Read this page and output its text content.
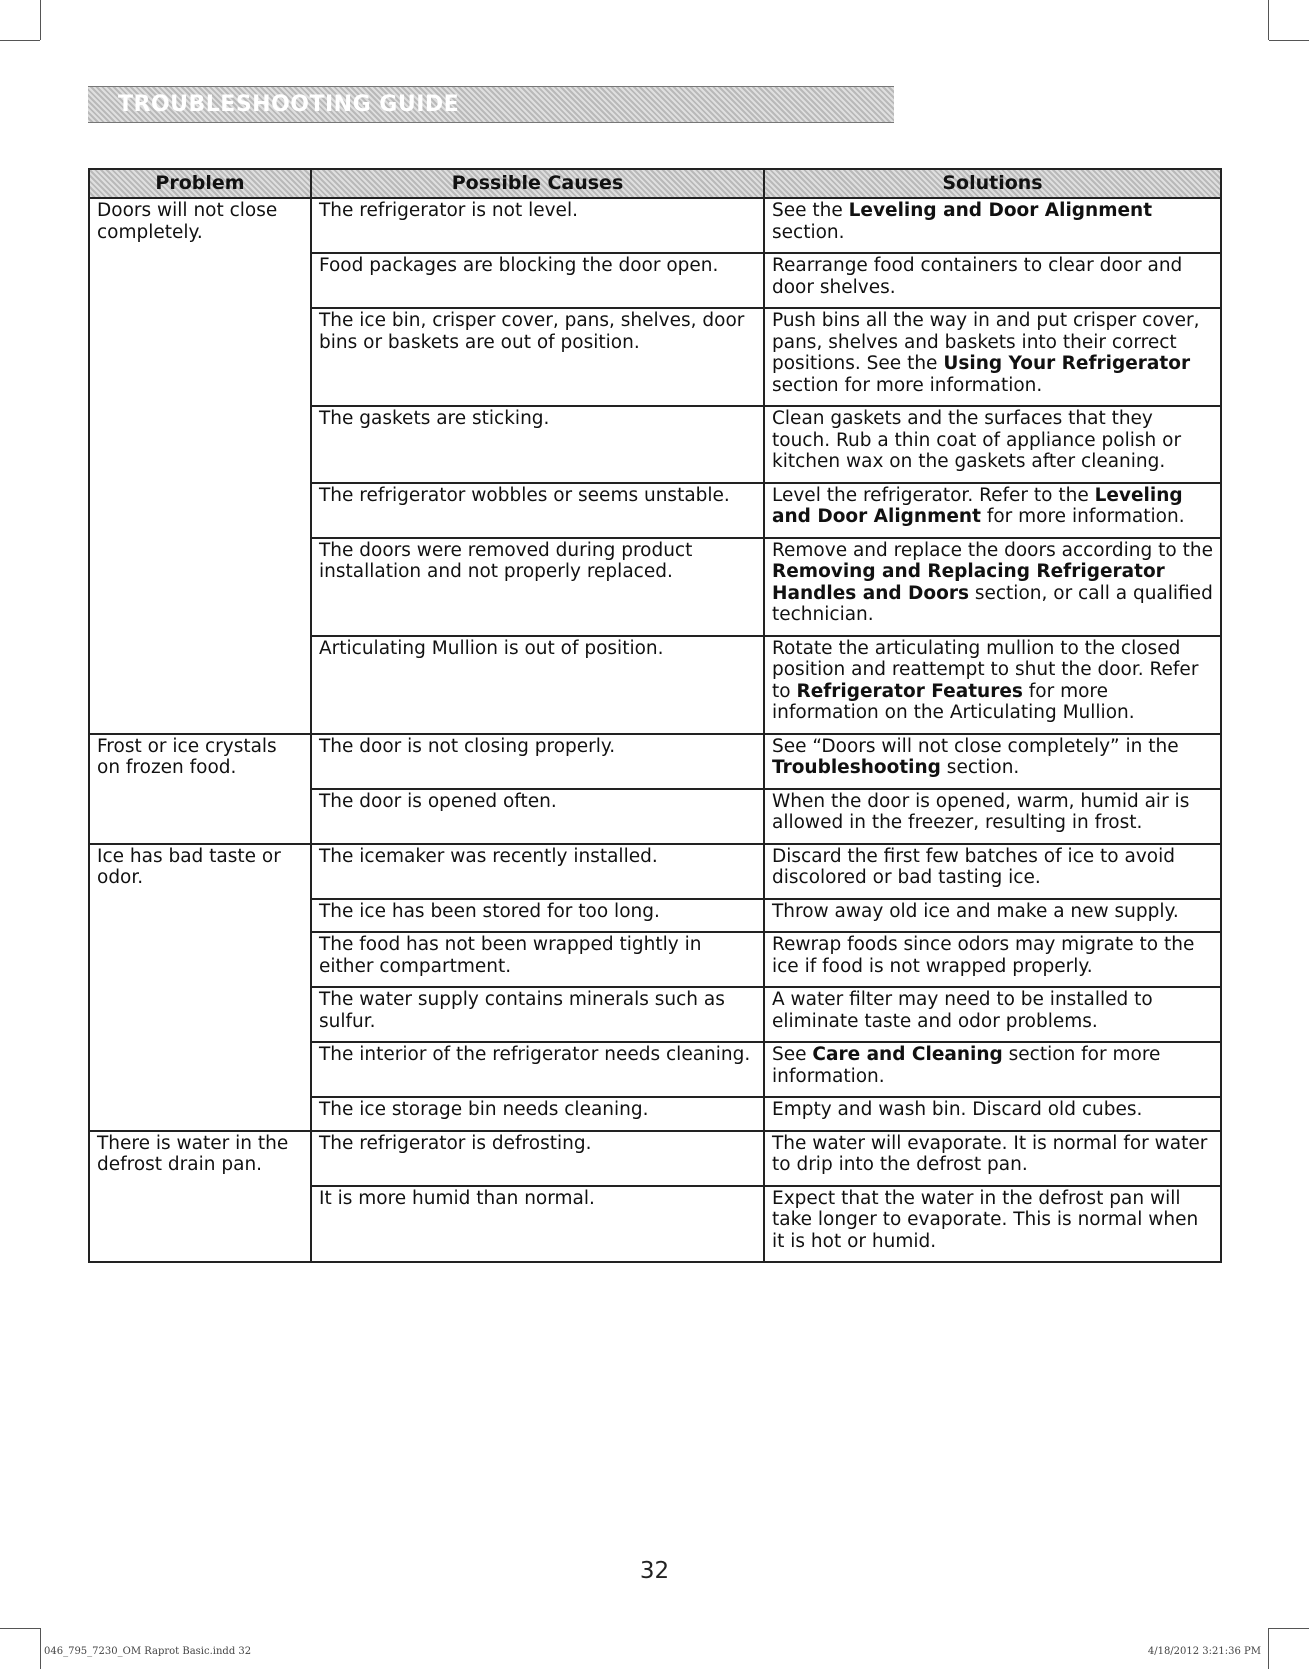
TROUBLESHOOTING GUIDE
Problem	Possible Causes	Solutions
Doors will not close completely.	The refrigerator is not level.	See the Leveling and Door Alignment section.
	Food packages are blocking the door open.	Rearrange food containers to clear door and door shelves.
	The ice bin, crisper cover, pans, shelves, door bins or baskets are out of position.	Push bins all the way in and put crisper cover, pans, shelves and baskets into their correct positions. See the Using Your Refrigerator section for more information.
	The gaskets are sticking.	Clean gaskets and the surfaces that they touch. Rub a thin coat of appliance polish or kitchen wax on the gaskets after cleaning.
	The refrigerator wobbles or seems unstable.	Level the refrigerator. Refer to the Leveling and Door Alignment for more information.
	The doors were removed during product installation and not properly replaced.	Remove and replace the doors according to the Removing and Replacing Refrigerator Handles and Doors section, or call a qualified technician.
	Articulating Mullion is out of position.	Rotate the articulating mullion to the closed position and reattempt to shut the door. Refer to Refrigerator Features for more information on the Articulating Mullion.
Frost or ice crystals on frozen food.	The door is not closing properly.	See “Doors will not close completely” in the Troubleshooting section.
	The door is opened often.	When the door is opened, warm, humid air is allowed in the freezer, resulting in frost.
Ice has bad taste or odor.	The icemaker was recently installed.	Discard the first few batches of ice to avoid discolored or bad tasting ice.
	The ice has been stored for too long.	Throw away old ice and make a new supply.
	The food has not been wrapped tightly in either compartment.	Rewrap foods since odors may migrate to the ice if food is not wrapped properly.
	The water supply contains minerals such as sulfur.	A water filter may need to be installed to eliminate taste and odor problems.
	The interior of the refrigerator needs cleaning.	See Care and Cleaning section for more information.
	The ice storage bin needs cleaning.	Empty and wash bin. Discard old cubes.
There is water in the defrost drain pan.	The refrigerator is defrosting.	The water will evaporate. It is normal for water to drip into the defrost pan.
	It is more humid than normal.	Expect that the water in the defrost pan will take longer to evaporate. This is normal when it is hot or humid.
32
046_795_7230_OM Raprot Basic.indd 32	4/18/2012 3:21:36 PM
